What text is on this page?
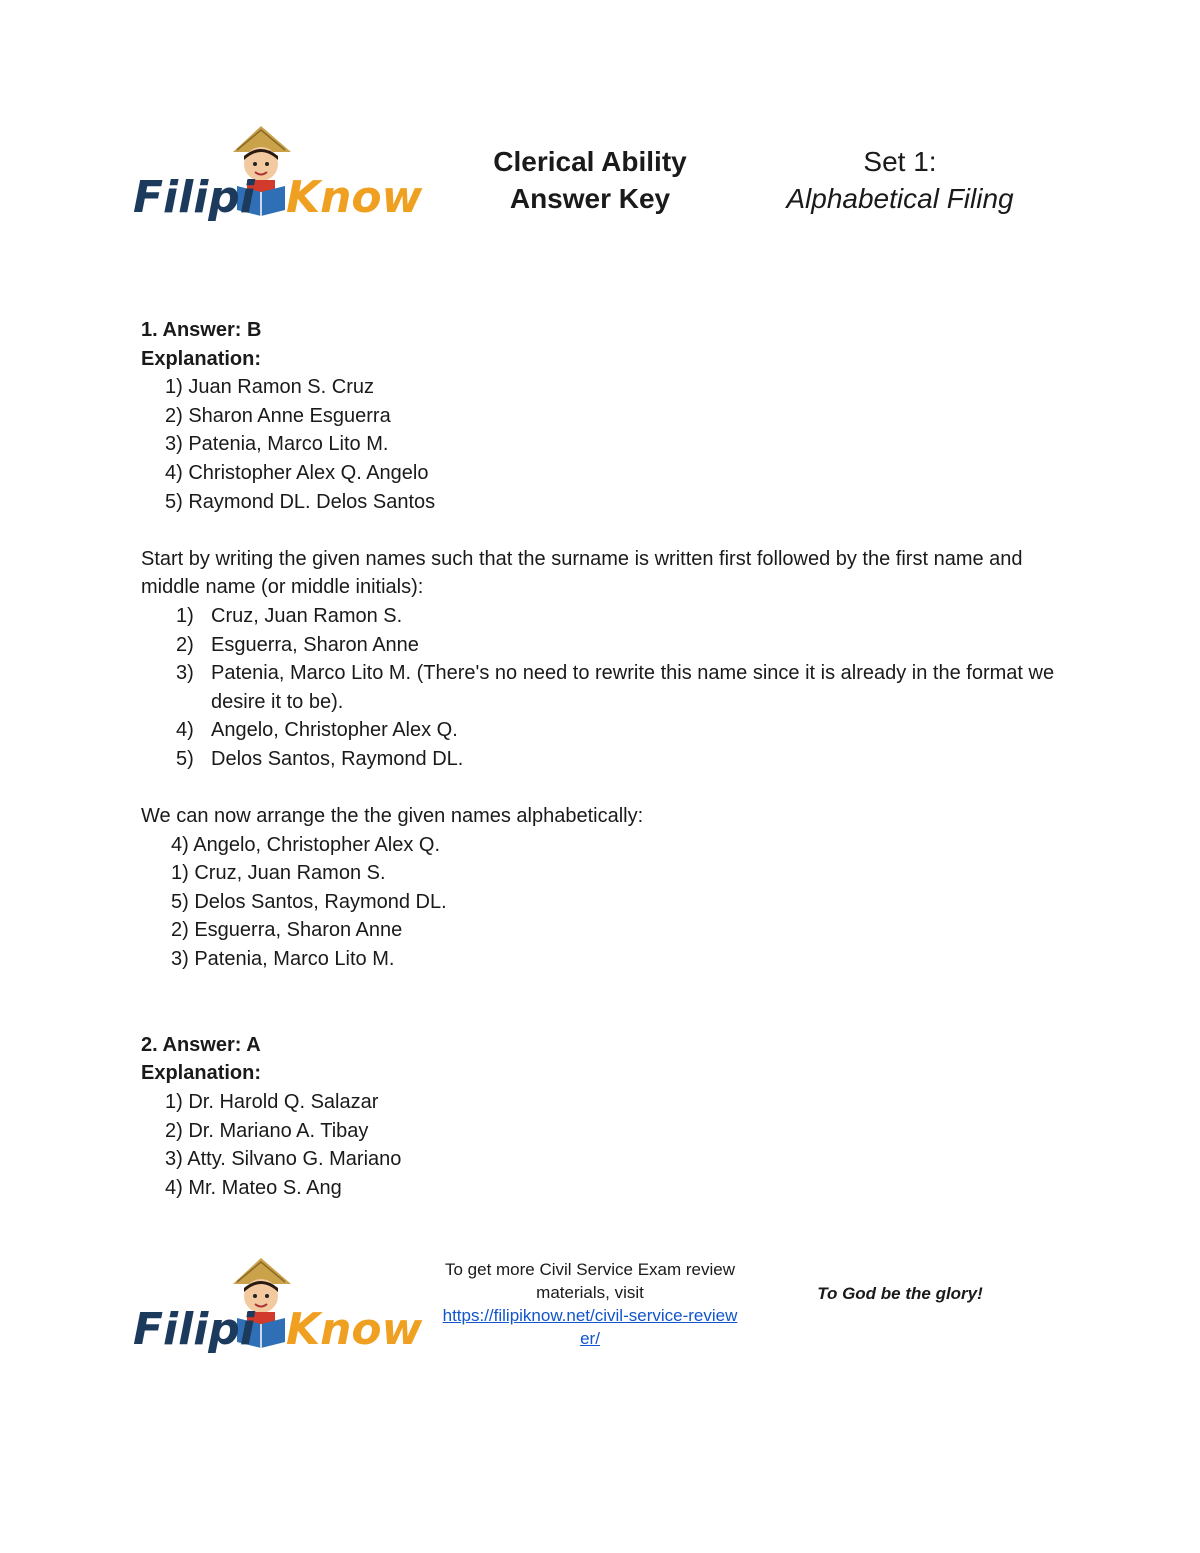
Filipi Know
Clerical Ability
Answer Key
Set 1:
Alphabetical Filing

1. Answer: B

Explanation:

1) Juan Ramon S. Cruz
2) Sharon Anne Esguerra
3) Patenia, Marco Lito M.
4) Christopher Alex Q. Angelo
5) Raymond DL. Delos Santos

Start by writing the given names such that the surname is written first followed by the first name and middle name (or middle initials):

1) Cruz, Juan Ramon S.
2) Esguerra, Sharon Anne
3) Patenia, Marco Lito M. (There's no need to rewrite this name since it is already in the format we desire it to be).
4) Angelo, Christopher Alex Q.
5) Delos Santos, Raymond DL.

We can now arrange the the given names alphabetically:

4) Angelo, Christopher Alex Q.
1) Cruz, Juan Ramon S.
5) Delos Santos, Raymond DL.
2) Esguerra, Sharon Anne
3) Patenia, Marco Lito M.

2. Answer: A

Explanation:

1) Dr. Harold Q. Salazar
2) Dr. Mariano A. Tibay
3) Atty. Silvano G. Mariano
4) Mr. Mateo S. Ang
Filipi Know
To get more Civil Service Exam review materials, visit
https://filipiknow.net/civil-service-reviewer/
To God be the glory!
